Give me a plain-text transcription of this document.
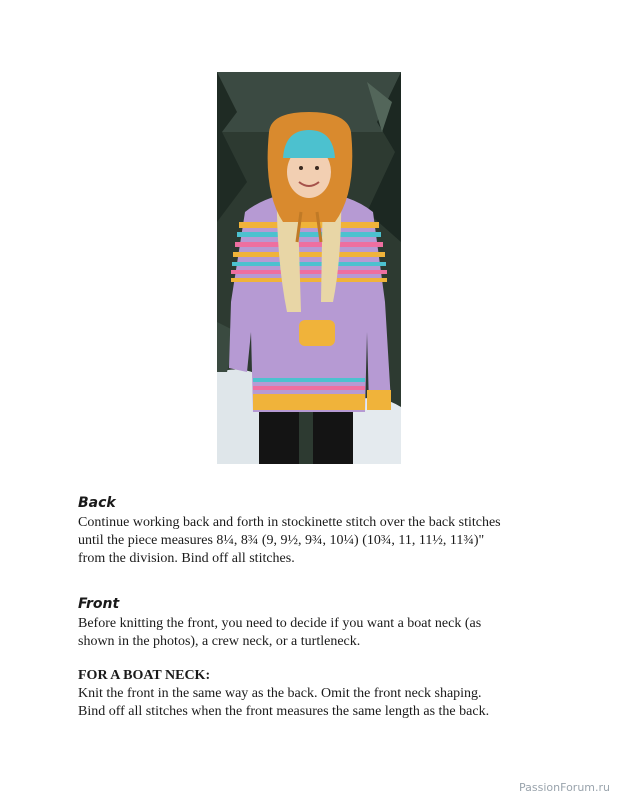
Back

Continue working back and forth in stockinette stitch over the back stitches
until the piece measures 8¼, 8¾ (9, 9½, 9¾, 10¼) (10¾, 11, 11½, 11¾)"
from the division. Bind off all stitches.

Front

Before knitting the front, you need to decide if you want a boat neck (as
shown in the photos), a crew neck, or a turtleneck.

FOR A BOAT NECK:

Knit the front in the same way as the back. Omit the front neck shaping.
Bind off all stitches when the front measures the same length as the back.

PassionForum.ru
